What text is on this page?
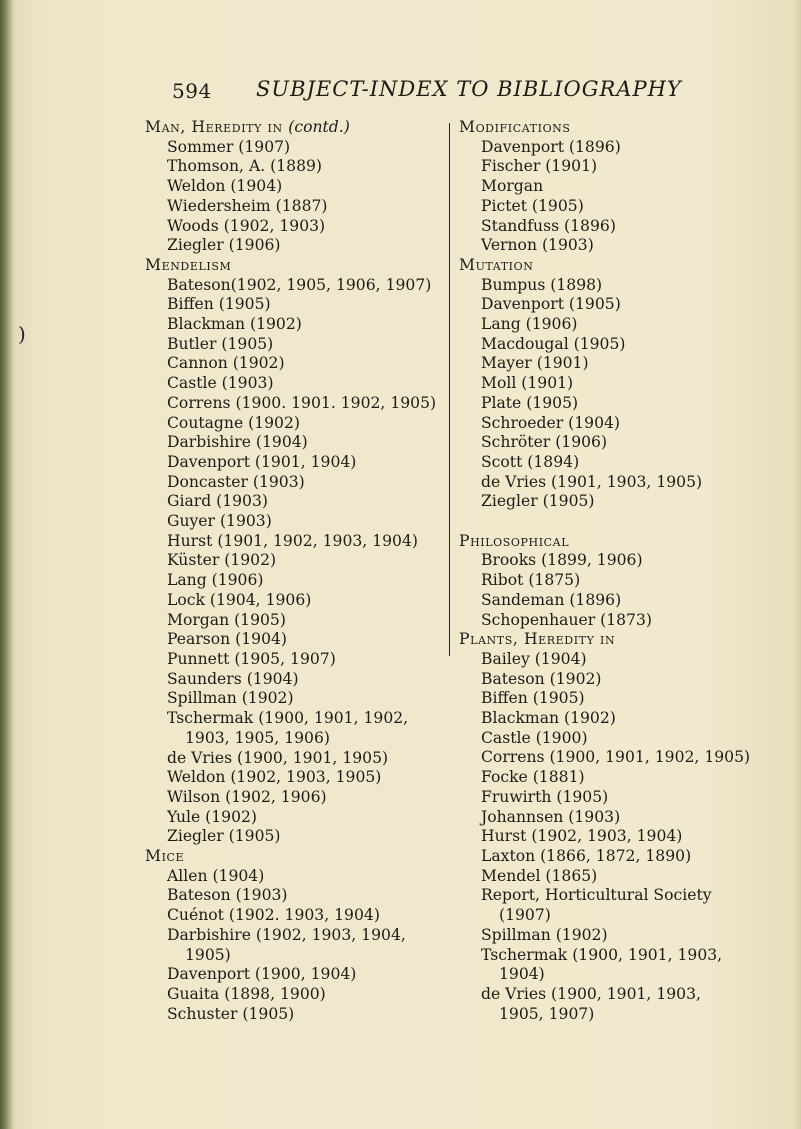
)
594 SUBJECT-INDEX TO BIBLIOGRAPHY
Man, Heredity in (contd.)
Sommer (1907)
Thomson, A. (1889)
Weldon (1904)
Wiedersheim (1887)
Woods (1902, 1903)
Ziegler (1906)
Mendelism
Bateson(1902, 1905, 1906, 1907)
Biffen (1905)
Blackman (1902)
Butler (1905)
Cannon (1902)
Castle (1903)
Correns (1900. 1901. 1902, 1905)
Coutagne (1902)
Darbishire (1904)
Davenport (1901, 1904)
Doncaster (1903)
Giard (1903)
Guyer (1903)
Hurst (1901, 1902, 1903, 1904)
Küster (1902)
Lang (1906)
Lock (1904, 1906)
Morgan (1905)
Pearson (1904)
Punnett (1905, 1907)
Saunders (1904)
Spillman (1902)
Tschermak (1900, 1901, 1902,
1903, 1905, 1906)
de Vries (1900, 1901, 1905)
Weldon (1902, 1903, 1905)
Wilson (1902, 1906)
Yule (1902)
Ziegler (1905)
Mice
Allen (1904)
Bateson (1903)
Cuénot (1902. 1903, 1904)
Darbishire (1902, 1903, 1904,
1905)
Davenport (1900, 1904)
Guaita (1898, 1900)
Schuster (1905)
Modifications
Davenport (1896)
Fischer (1901)
Morgan
Pictet (1905)
Standfuss (1896)
Vernon (1903)
Mutation
Bumpus (1898)
Davenport (1905)
Lang (1906)
Macdougal (1905)
Mayer (1901)
Moll (1901)
Plate (1905)
Schroeder (1904)
Schröter (1906)
Scott (1894)
de Vries (1901, 1903, 1905)
Ziegler (1905)
Philosophical
Brooks (1899, 1906)
Ribot (1875)
Sandeman (1896)
Schopenhauer (1873)
Plants, Heredity in
Bailey (1904)
Bateson (1902)
Biffen (1905)
Blackman (1902)
Castle (1900)
Correns (1900, 1901, 1902, 1905)
Focke (1881)
Fruwirth (1905)
Johannsen (1903)
Hurst (1902, 1903, 1904)
Laxton (1866, 1872, 1890)
Mendel (1865)
Report, Horticultural Society
(1907)
Spillman (1902)
Tschermak (1900, 1901, 1903,
1904)
de Vries (1900, 1901, 1903,
1905, 1907)
